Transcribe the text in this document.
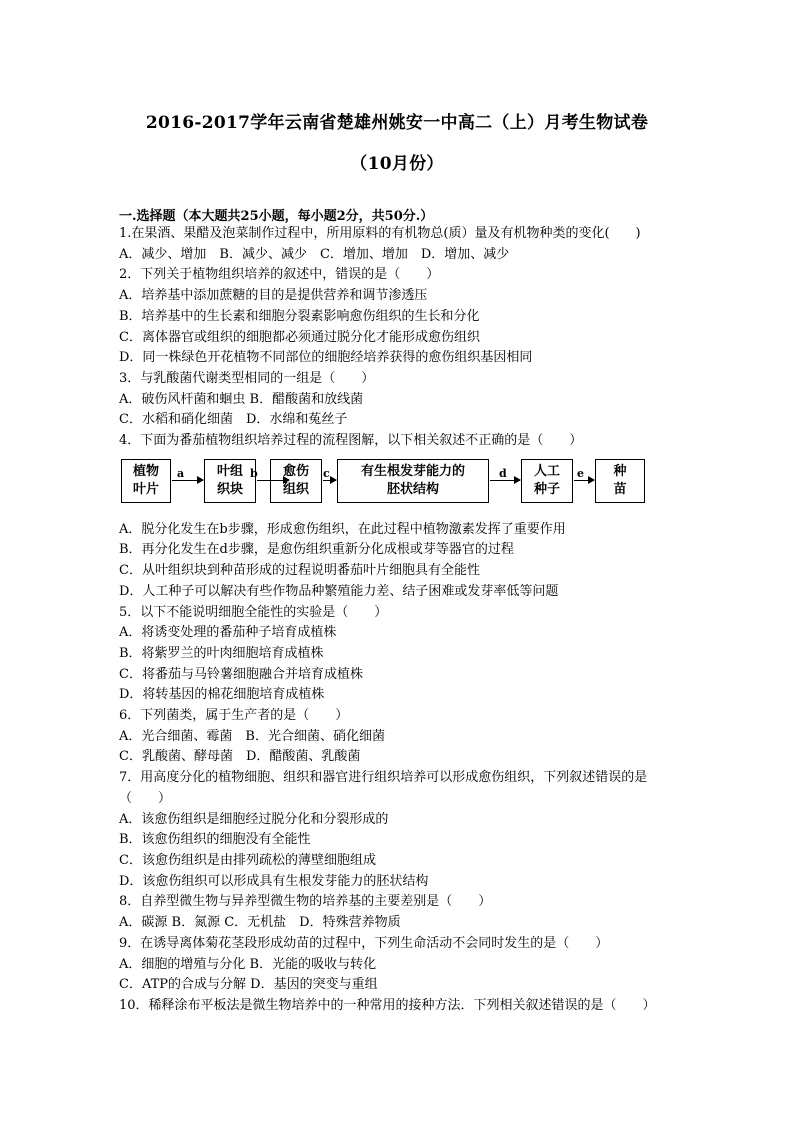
2016-2017学年云南省楚雄州姚安一中高二（上）月考生物试卷
（10月份）
一.选择题（本大题共25小题，每小题2分，共50分.）
1.在果酒、果醋及泡菜制作过程中，所用原料的有机物总(质）量及有机物种类的变化(　　)
A．减少、增加　B．减少、减少　C．增加、增加　D．增加、减少
2．下列关于植物组织培养的叙述中，错误的是（　　）
A．培养基中添加蔗糖的目的是提供营养和调节渗透压
B．培养基中的生长素和细胞分裂素影响愈伤组织的生长和分化
C．离体器官或组织的细胞都必须通过脱分化才能形成愈伤组织
D．同一株绿色开花植物不同部位的细胞经培养获得的愈伤组织基因相同
3．与乳酸菌代谢类型相同的一组是（　　）
A．破伤风杆菌和蛔虫 B．醋酸菌和放线菌
C．水稻和硝化细菌　D．水绵和菟丝子
4．下面为番茄植物组织培养过程的流程图解，以下相关叙述不正确的是（　　）
植物
叶片
a	叶组
织块
b 愈伤
组织
c 有生根发芽能力的
胚状结构
d 人工
种子
e 种
苗
A．脱分化发生在b步骤，形成愈伤组织，在此过程中植物激素发挥了重要作用
B．再分化发生在d步骤，是愈伤组织重新分化成根或芽等器官的过程
C．从叶组织块到种苗形成的过程说明番茄叶片细胞具有全能性
D．人工种子可以解决有些作物品种繁殖能力差、结子困难或发芽率低等问题
5．以下不能说明细胞全能性的实验是（　　）
A．将诱变处理的番茄种子培育成植株
B．将紫罗兰的叶肉细胞培育成植株
C．将番茄与马铃薯细胞融合并培育成植株
D．将转基因的棉花细胞培育成植株
6．下列菌类，属于生产者的是（　　）
A．光合细菌、霉菌　B．光合细菌、硝化细菌
C．乳酸菌、酵母菌　D．醋酸菌、乳酸菌
7．用高度分化的植物细胞、组织和器官进行组织培养可以形成愈伤组织，下列叙述错误的是（　　）
A．该愈伤组织是细胞经过脱分化和分裂形成的
B．该愈伤组织的细胞没有全能性
C．该愈伤组织是由排列疏松的薄壁细胞组成
D．该愈伤组织可以形成具有生根发芽能力的胚状结构
8．自养型微生物与异养型微生物的培养基的主要差别是（　　）
A．碳源 B．氮源 C．无机盐　D．特殊营养物质
9．在诱导离体菊花茎段形成幼苗的过程中，下列生命活动不会同时发生的是（　　）
A．细胞的增殖与分化 B．光能的吸收与转化
C．ATP的合成与分解 D．基因的突变与重组
10．稀释涂布平板法是微生物培养中的一种常用的接种方法．下列相关叙述错误的是（　　）
